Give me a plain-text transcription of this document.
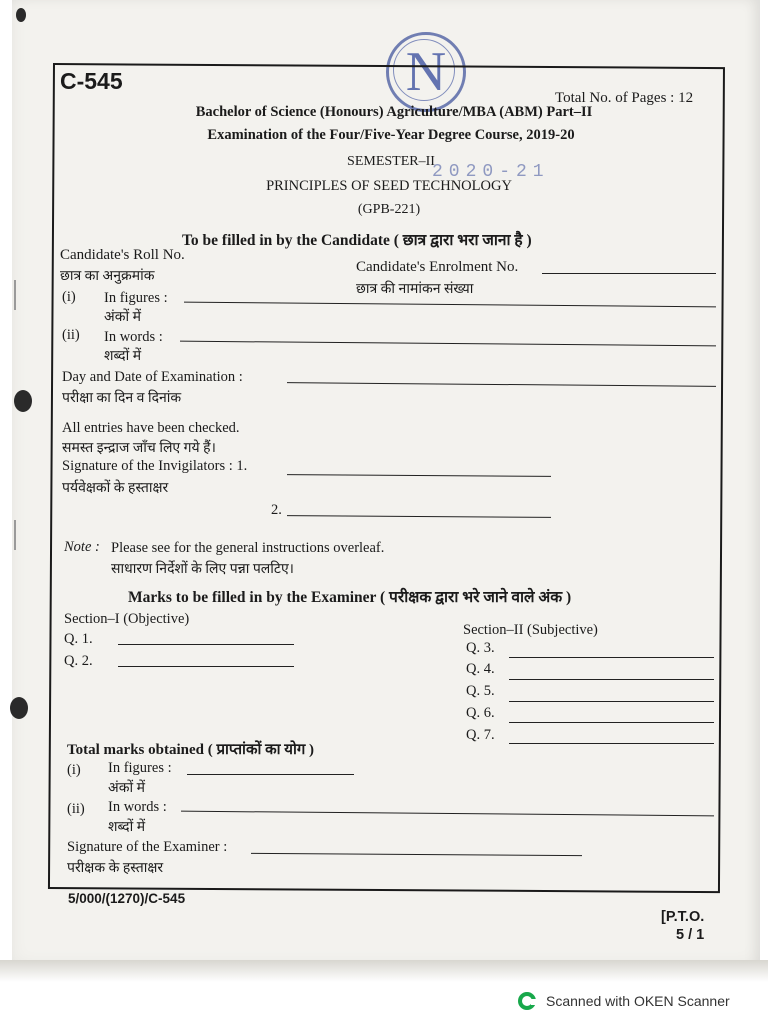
N
2020-21
C-545
Total No. of Pages : 12
Bachelor of Science (Honours) Agriculture/MBA (ABM) Part–II
Examination of the Four/Five-Year Degree Course, 2019-20
SEMESTER–II
PRINCIPLES OF SEED TECHNOLOGY
(GPB-221)
To be filled in by the Candidate ( छात्र द्वारा भरा जाना है )
Candidate's Roll No.
छात्र का अनुक्रमांक
Candidate's Enrolment No.
छात्र की नामांकन संख्या
(i) In figures :
अंकों में
(ii) In words :
शब्दों में
Day and Date of Examination :
परीक्षा का दिन व दिनांक
All entries have been checked.
समस्त इन्द्राज जाँच लिए गये हैं।
Signature of the Invigilators : 1.
पर्यवेक्षकों के हस्ताक्षर
2.
Note : Please see for the general instructions overleaf.
साधारण निर्देशों के लिए पन्ना पलटिए।
Marks to be filled in by the Examiner ( परीक्षक द्वारा भरे जाने वाले अंक )
Section–I (Objective)
Q. 1.
Q. 2.
Section–II (Subjective)
Q. 3.
Q. 4.
Q. 5.
Q. 6.
Q. 7.
Total marks obtained ( प्राप्तांकों का योग )
(i) In figures :
अंकों में
(ii) In words :
शब्दों में
Signature of the Examiner :
परीक्षक के हस्ताक्षर
5/000/(1270)/C-545
[P.T.O.
5 / 1
Scanned with OKEN Scanner
